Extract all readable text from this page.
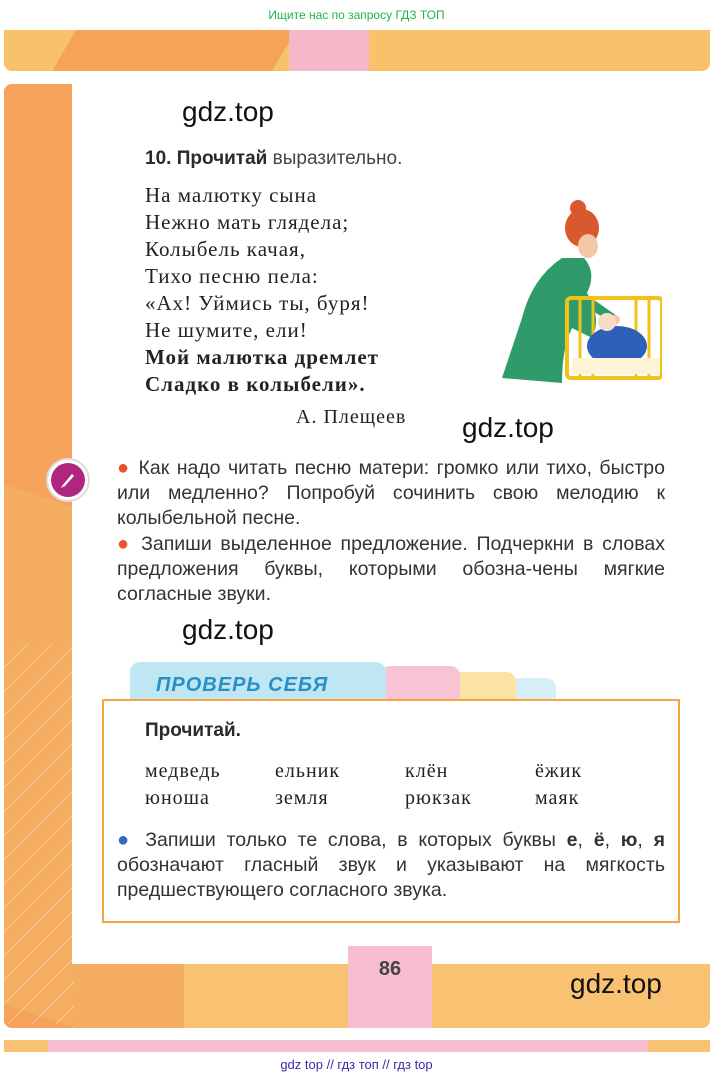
Ищите нас по запросу ГДЗ ТОП
gdz.top
10. Прочитай выразительно.
На малютку сына
Нежно мать глядела;
Колыбель качая,
Тихо песню пела:
«Ах! Уймись ты, буря!
Не шумите, ели!
Мой малютка дремлет
Сладко в колыбели».
А. Плещеев gdz.top
● Как надо читать песню матери: громко или тихо, быстро или медленно? Попробуй сочинить свою мелодию к колыбельной песне.
● Запиши выделенное предложение. Подчеркни в словах предложения буквы, которыми обозна-чены мягкие согласные звуки.
gdz.top
ПРОВЕРЬ СЕБЯ
Прочитай.
медведь	ельник	клён	ёжик
юноша	земля	рюкзак	маяк
● Запиши только те слова, в которых буквы е, ё, ю, я обозначают гласный звук и указывают на мягкость предшествующего согласного звука.
86	gdz.top
gdz top // гдз топ // гдз top
